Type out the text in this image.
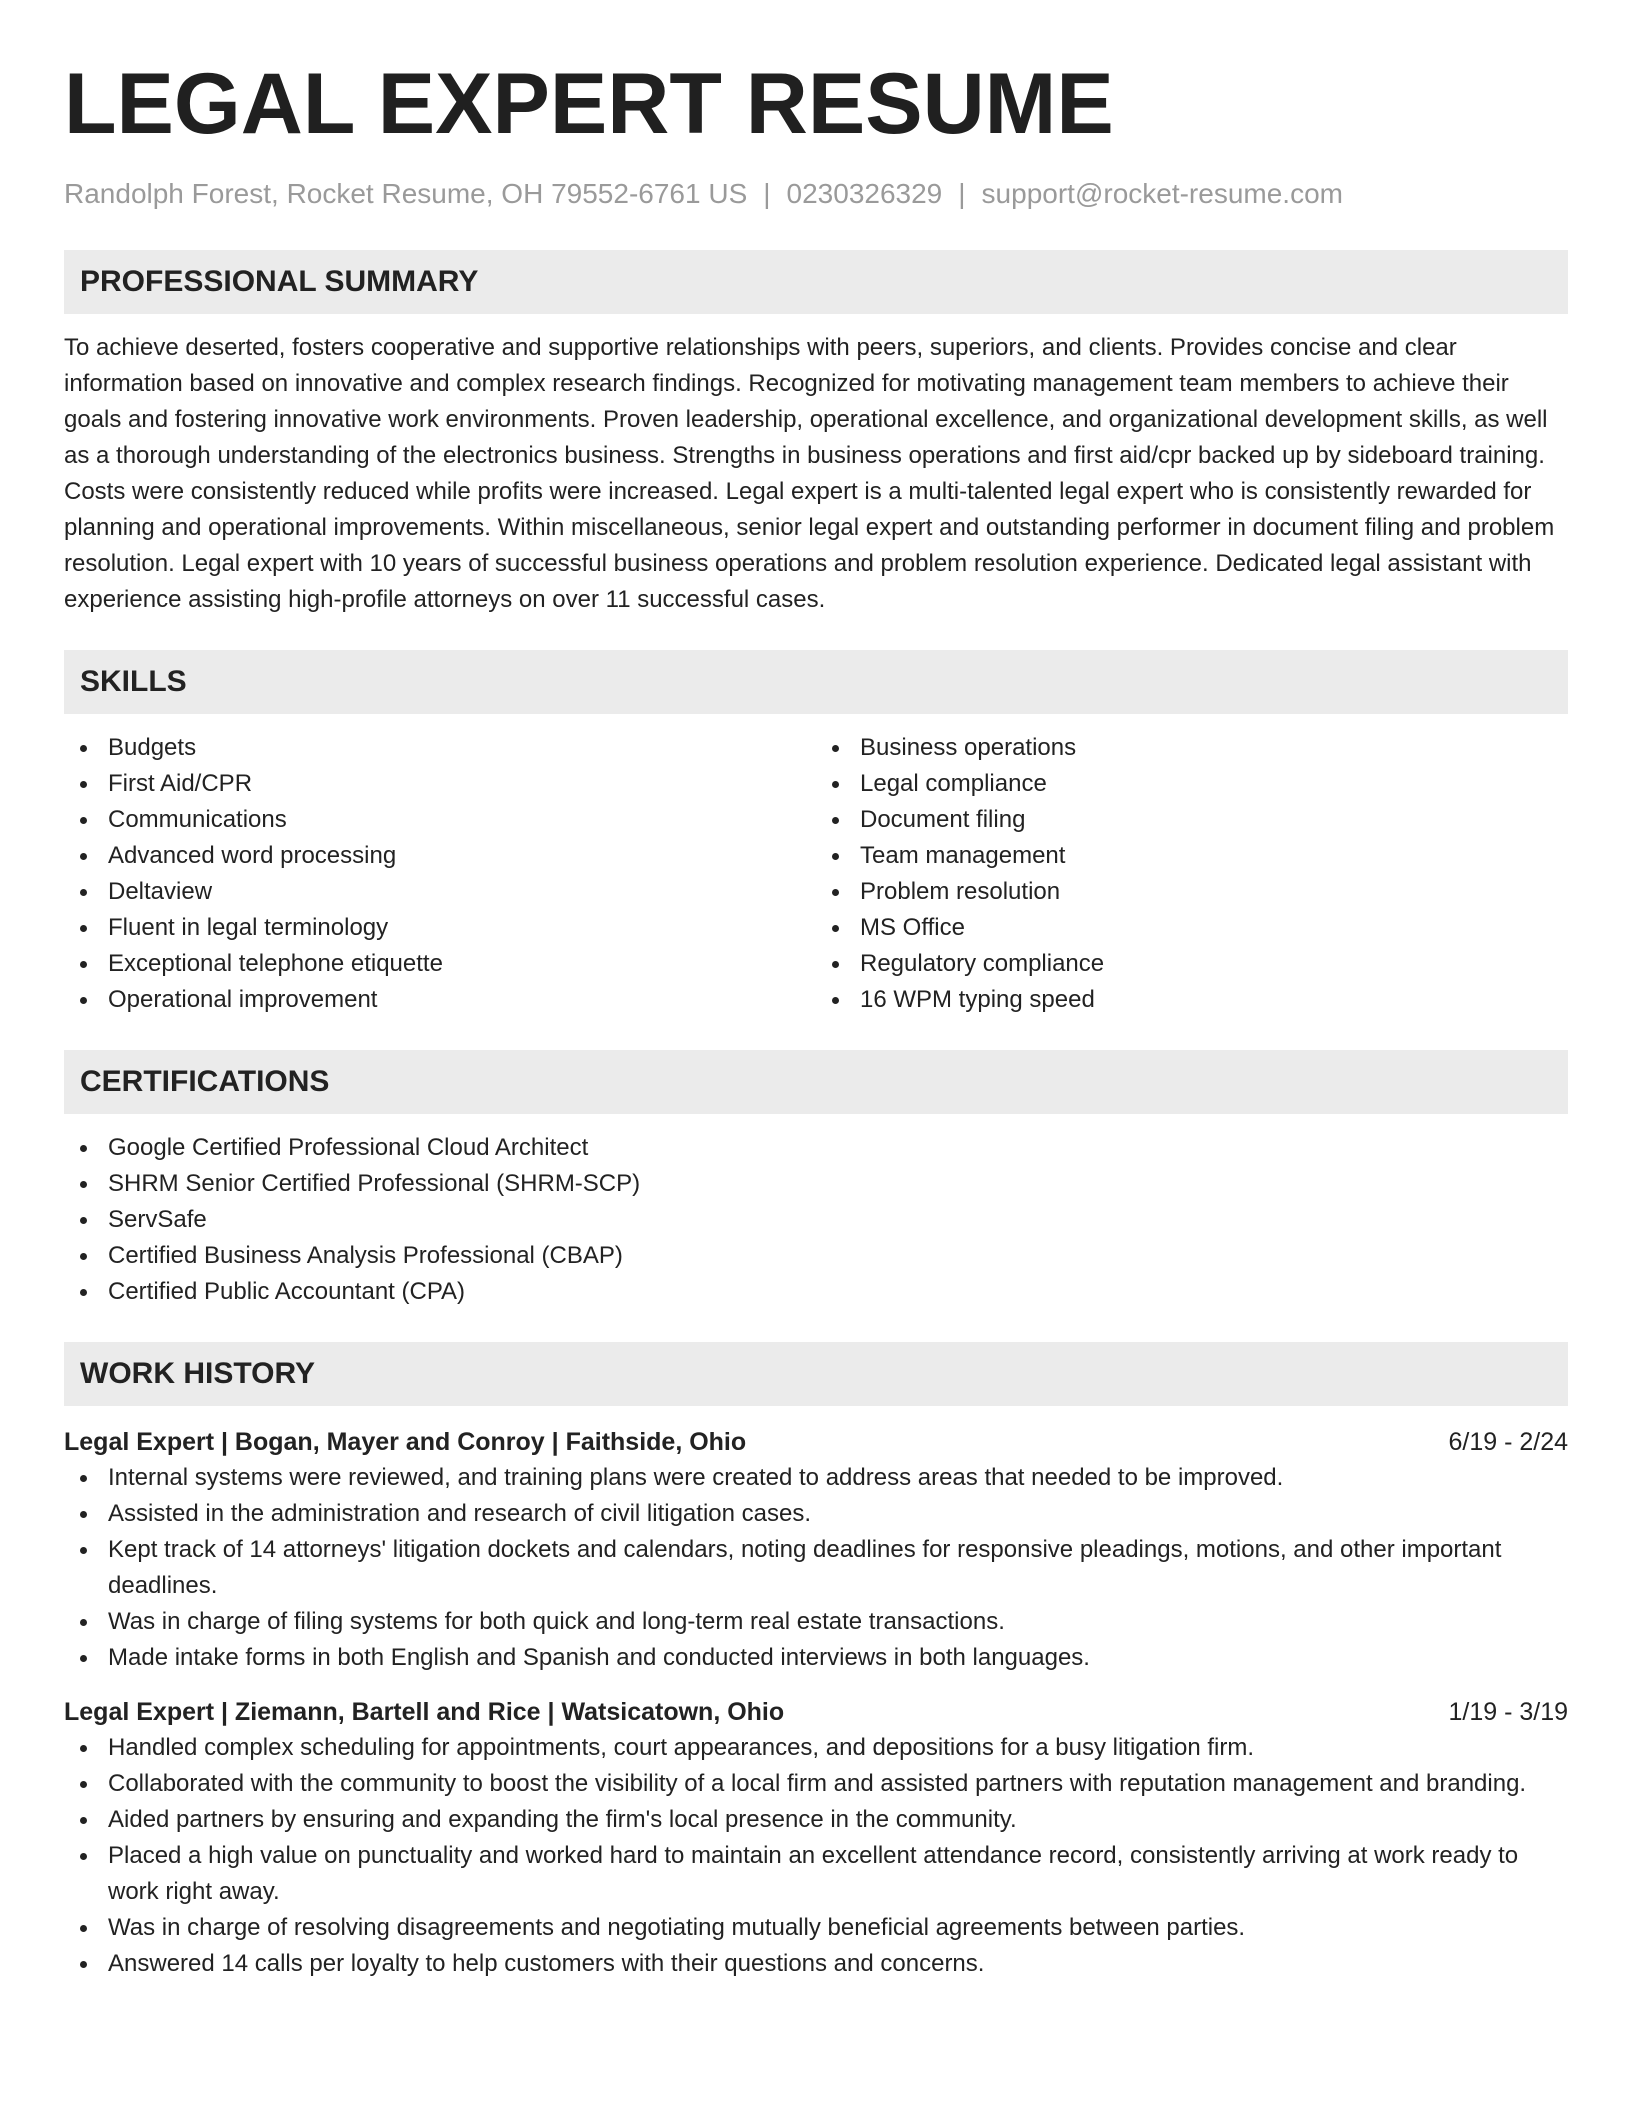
LEGAL EXPERT RESUME
Randolph Forest, Rocket Resume, OH 79552-6761 US | 0230326329 | support@rocket-resume.com
PROFESSIONAL SUMMARY

To achieve deserted, fosters cooperative and supportive relationships with peers, superiors, and clients. Provides concise and clear information based on innovative and complex research findings. Recognized for motivating management team members to achieve their goals and fostering innovative work environments. Proven leadership, operational excellence, and organizational development skills, as well as a thorough understanding of the electronics business. Strengths in business operations and first aid/cpr backed up by sideboard training. Costs were consistently reduced while profits were increased. Legal expert is a multi-talented legal expert who is consistently rewarded for planning and operational improvements. Within miscellaneous, senior legal expert and outstanding performer in document filing and problem resolution. Legal expert with 10 years of successful business operations and problem resolution experience. Dedicated legal assistant with experience assisting high-profile attorneys on over 11 successful cases.

SKILLS
Budgets
First Aid/CPR
Communications
Advanced word processing
Deltaview
Fluent in legal terminology
Exceptional telephone etiquette
Operational improvement
Business operations
Legal compliance
Document filing
Team management
Problem resolution
MS Office
Regulatory compliance
16 WPM typing speed
CERTIFICATIONS
Google Certified Professional Cloud Architect
SHRM Senior Certified Professional (SHRM-SCP)
ServSafe
Certified Business Analysis Professional (CBAP)
Certified Public Accountant (CPA)
WORK HISTORY
Legal Expert | Bogan, Mayer and Conroy | Faithside, Ohio	6/19 - 2/24
Internal systems were reviewed, and training plans were created to address areas that needed to be improved.
Assisted in the administration and research of civil litigation cases.
Kept track of 14 attorneys' litigation dockets and calendars, noting deadlines for responsive pleadings, motions, and other important deadlines.
Was in charge of filing systems for both quick and long-term real estate transactions.
Made intake forms in both English and Spanish and conducted interviews in both languages.
Legal Expert | Ziemann, Bartell and Rice | Watsicatown, Ohio	1/19 - 3/19
Handled complex scheduling for appointments, court appearances, and depositions for a busy litigation firm.
Collaborated with the community to boost the visibility of a local firm and assisted partners with reputation management and branding.
Aided partners by ensuring and expanding the firm's local presence in the community.
Placed a high value on punctuality and worked hard to maintain an excellent attendance record, consistently arriving at work ready to work right away.
Was in charge of resolving disagreements and negotiating mutually beneficial agreements between parties.
Answered 14 calls per loyalty to help customers with their questions and concerns.
